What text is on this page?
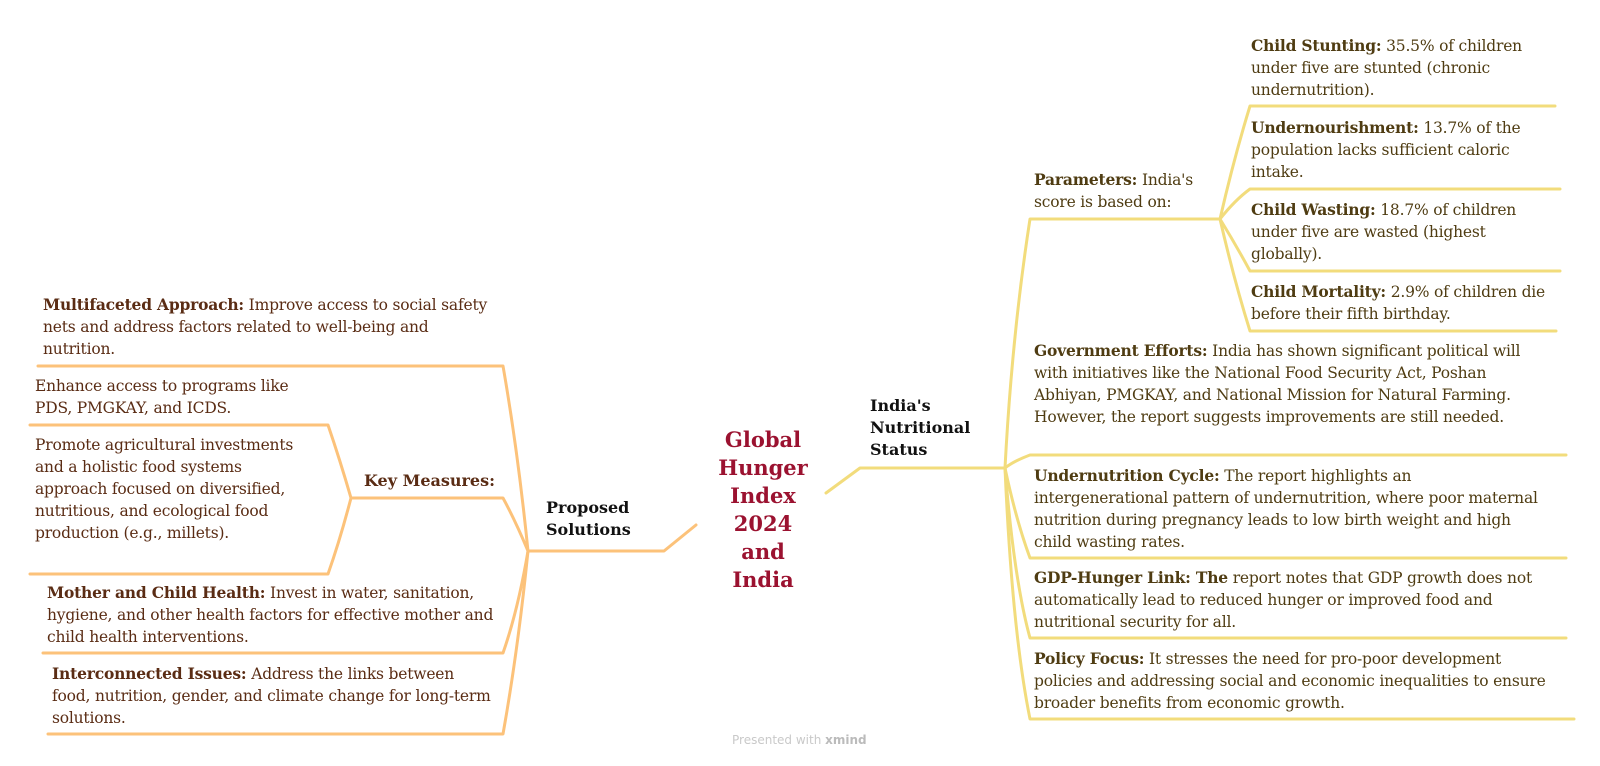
Global
Hunger
Index
2024
and
India
India's Nutritional Status
Parameters: India's score is based on:
Child Stunting: 35.5% of children under five are stunted (chronic undernutrition).
Undernourishment: 13.7% of the population lacks sufficient caloric intake.
Child Wasting: 18.7% of children under five are wasted (highest globally).
Child Mortality: 2.9% of children die before their fifth birthday.
Government Efforts: India has shown significant political will with initiatives like the National Food Security Act, Poshan Abhiyan, PMGKAY, and National Mission for Natural Farming. However, the report suggests improvements are still needed.
Undernutrition Cycle: The report highlights an intergenerational pattern of undernutrition, where poor maternal nutrition during pregnancy leads to low birth weight and high child wasting rates.
GDP-Hunger Link: The report notes that GDP growth does not automatically lead to reduced hunger or improved food and nutritional security for all.
Policy Focus: It stresses the need for pro-poor development policies and addressing social and economic inequalities to ensure broader benefits from economic growth.
Proposed Solutions
Multifaceted Approach: Improve access to social safety nets and address factors related to well-being and nutrition.
Key Measures:
Enhance access to programs like PDS, PMGKAY, and ICDS.
Promote agricultural investments and a holistic food systems approach focused on diversified, nutritious, and ecological food production (e.g., millets).
Mother and Child Health: Invest in water, sanitation, hygiene, and other health factors for effective mother and child health interventions.
Interconnected Issues: Address the links between food, nutrition, gender, and climate change for long-term solutions.
Presented with xmind
